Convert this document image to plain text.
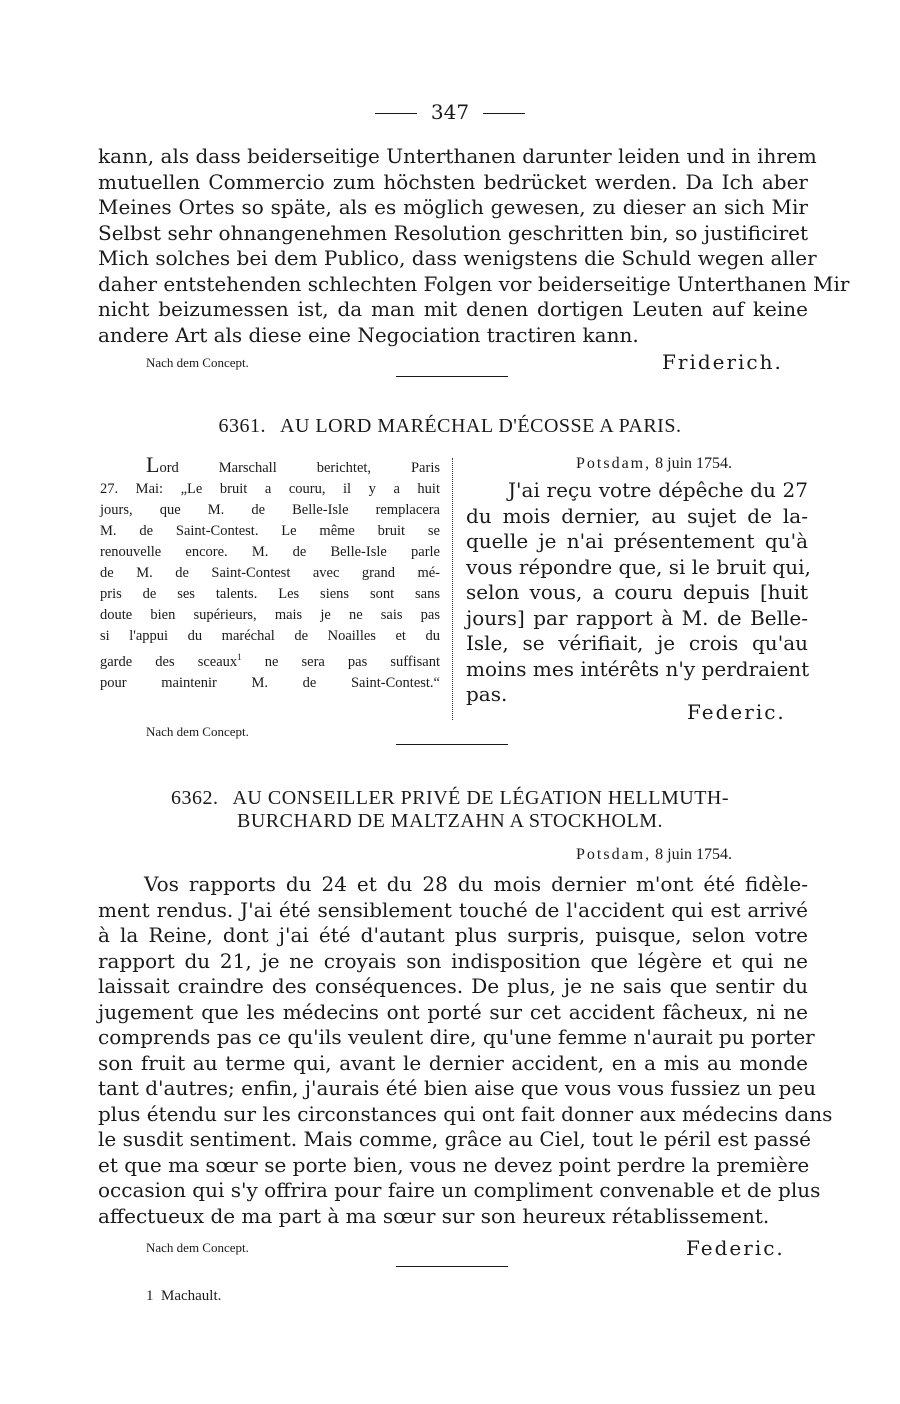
347
kann, als dass beiderseitige Unterthanen darunter leiden und in ihrem
mutuellen Commercio zum höchsten bedrücket werden. Da Ich aber
Meines Ortes so späte, als es möglich gewesen, zu dieser an sich Mir
Selbst sehr ohnangenehmen Resolution geschritten bin, so justificiret
Mich solches bei dem Publico, dass wenigstens die Schuld wegen aller
daher entstehenden schlechten Folgen vor beiderseitige Unterthanen Mir
nicht beizumessen ist, da man mit denen dortigen Leuten auf keine
andere Art als diese eine Negociation tractiren kann.
Nach dem Concept.	Friderich.
6361. AU LORD MARÉCHAL D'ÉCOSSE A PARIS.
Lord Marschall berichtet, Paris
27. Mai: „Le bruit a couru, il y a huit
jours, que M. de Belle-Isle remplacera
M. de Saint-Contest. Le même bruit se
renouvelle encore. M. de Belle-Isle parle
de M. de Saint-Contest avec grand mé-
pris de ses talents. Les siens sont sans
doute bien supérieurs, mais je ne sais pas
si l'appui du maréchal de Noailles et du
garde des sceaux$^1$ ne sera pas suffisant
pour maintenir M. de Saint-Contest.“
Potsdam, 8 juin 1754.
J'ai reçu votre dépêche du 27
du mois dernier, au sujet de la-
quelle je n'ai présentement qu'à
vous répondre que, si le bruit qui,
selon vous, a couru depuis [huit
jours] par rapport à M. de Belle-
Isle, se vérifiait, je crois qu'au
moins mes intérêts n'y perdraient
pas.
Federic.
Nach dem Concept.
6362. AU CONSEILLER PRIVÉ DE LÉGATION HELLMUTH-
BURCHARD DE MALTZAHN A STOCKHOLM.
Potsdam, 8 juin 1754.
Vos rapports du 24 et du 28 du mois dernier m'ont été fidèle-
ment rendus. J'ai été sensiblement touché de l'accident qui est arrivé
à la Reine, dont j'ai été d'autant plus surpris, puisque, selon votre
rapport du 21, je ne croyais son indisposition que légère et qui ne
laissait craindre des conséquences. De plus, je ne sais que sentir du
jugement que les médecins ont porté sur cet accident fâcheux, ni ne
comprends pas ce qu'ils veulent dire, qu'une femme n'aurait pu porter
son fruit au terme qui, avant le dernier accident, en a mis au monde
tant d'autres; enfin, j'aurais été bien aise que vous vous fussiez un peu
plus étendu sur les circonstances qui ont fait donner aux médecins dans
le susdit sentiment. Mais comme, grâce au Ciel, tout le péril est passé
et que ma sœur se porte bien, vous ne devez point perdre la première
occasion qui s'y offrira pour faire un compliment convenable et de plus
affectueux de ma part à ma sœur sur son heureux rétablissement.
Nach dem Concept.	Federic.
1 Machault.
